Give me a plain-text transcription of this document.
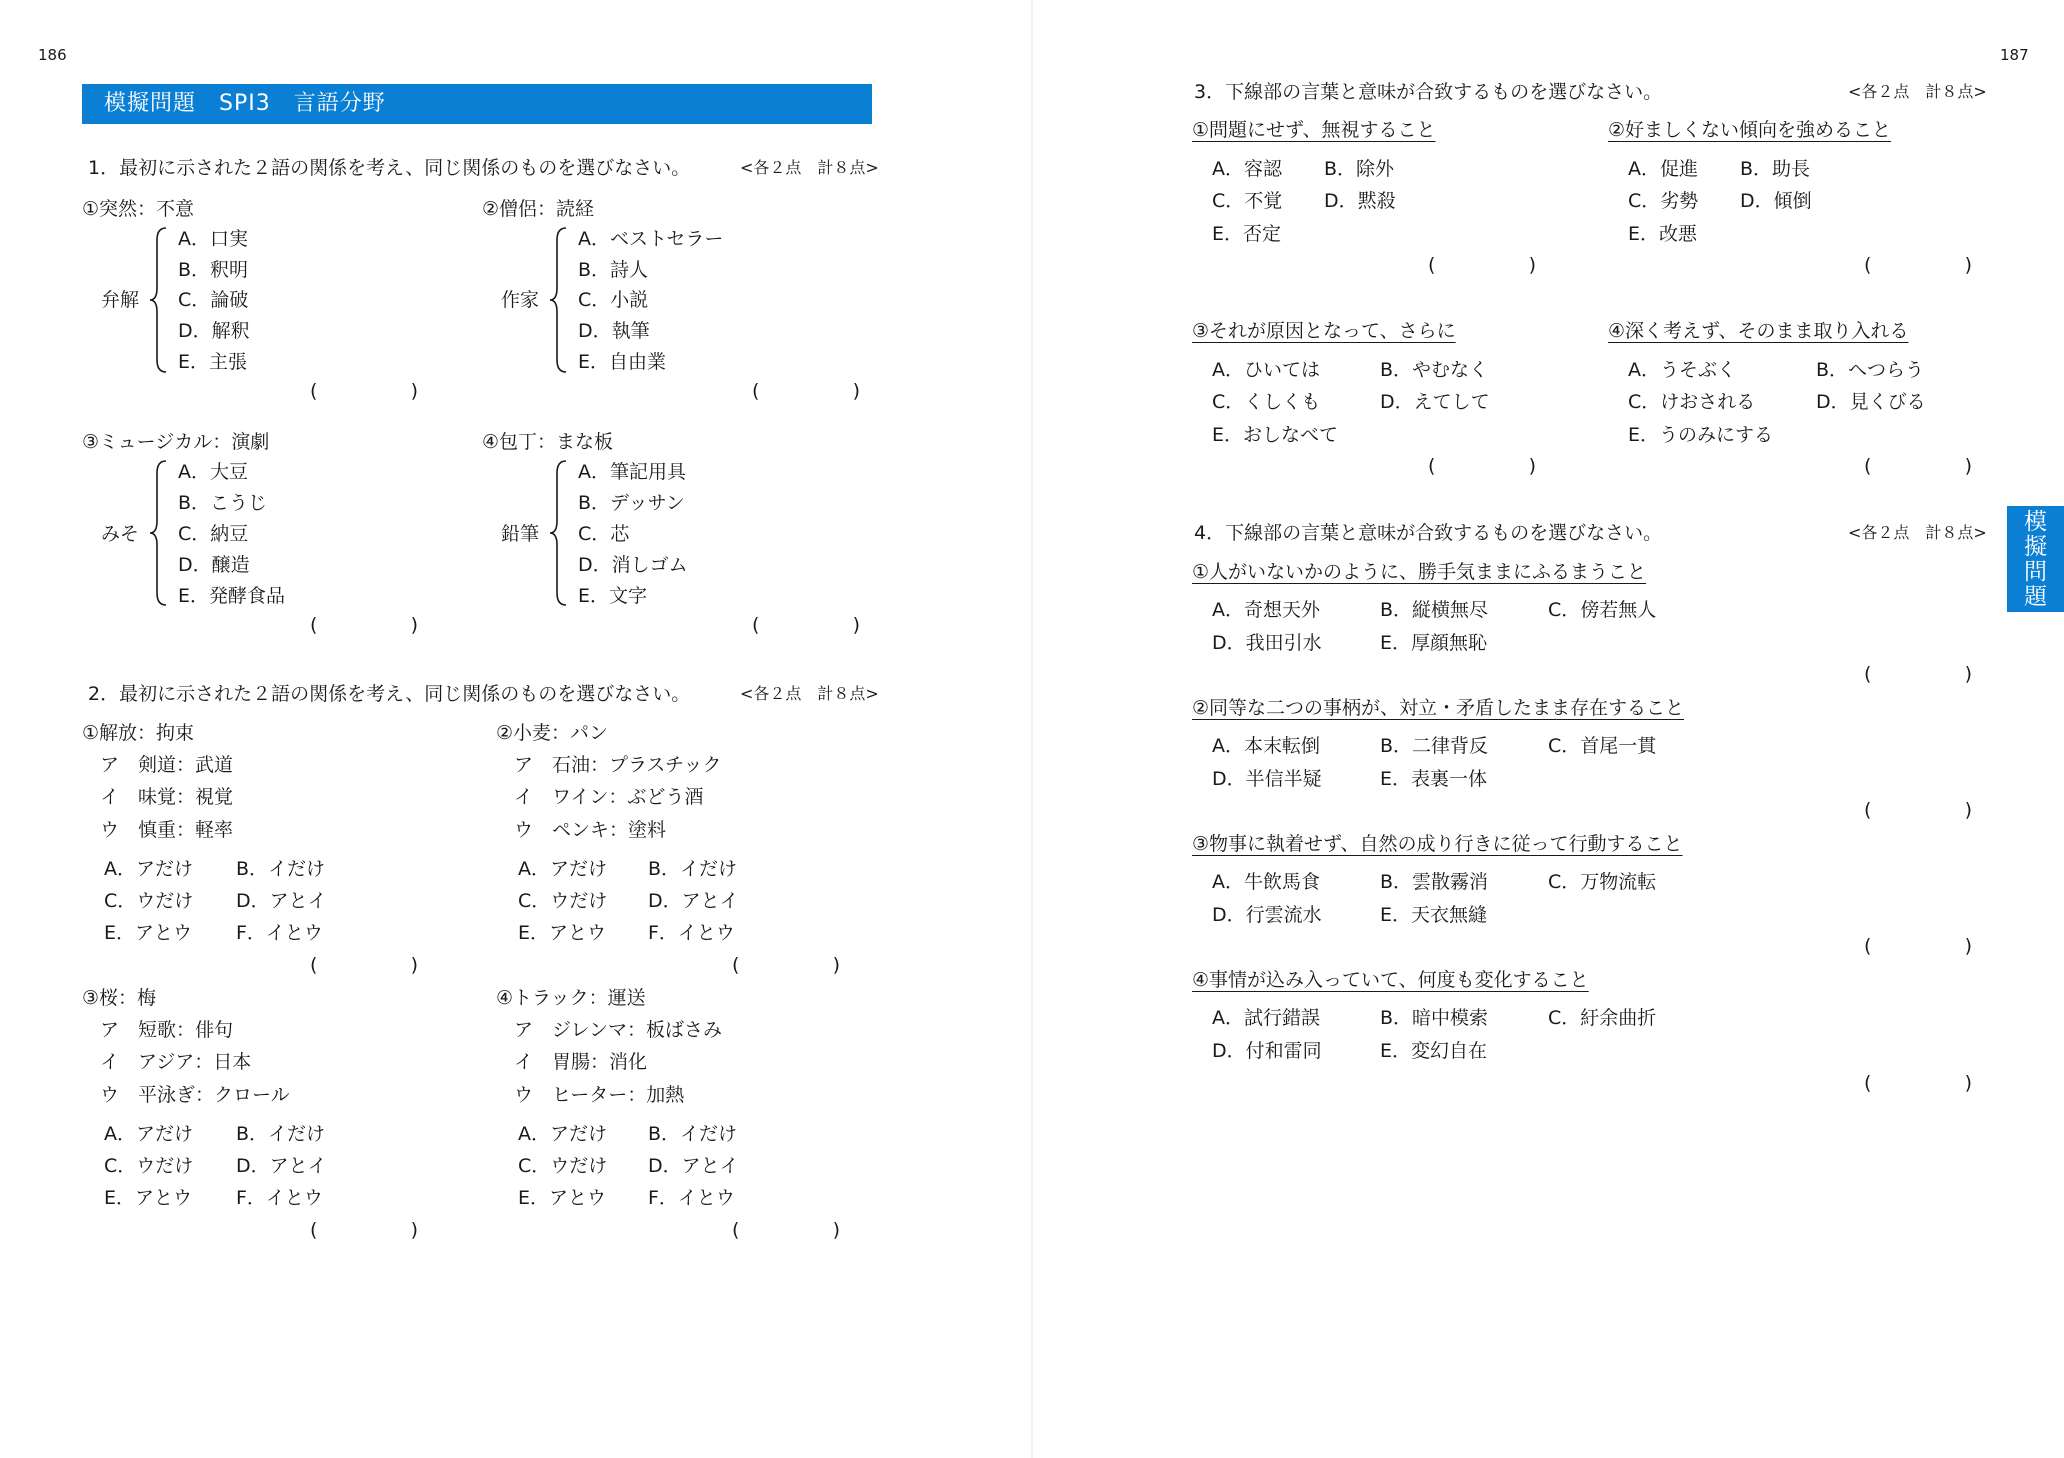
186
模擬問題　SPI3　言語分野
1．最初に示された２語の関係を考え、同じ関係のものを選びなさい。	<各２点　計８点>
①突然：不意
弁解
A．口実
B．釈明
C．論破
D．解釈
E．主張
(	)
②僧侶：読経
作家
A．ベストセラー
B．詩人
C．小説
D．執筆
E．自由業
(	)
③ミュージカル：演劇
みそ
A．大豆
B．こうじ
C．納豆
D．醸造
E．発酵食品
(	)
④包丁：まな板
鉛筆
A．筆記用具
B．デッサン
C．芯
D．消しゴム
E．文字
(	)
2．最初に示された２語の関係を考え、同じ関係のものを選びなさい。	<各２点　計８点>
①解放：拘束
ア　剣道：武道
イ　味覚：視覚
ウ　慎重：軽率
A．アだけ B．イだけ
C．ウだけ D．アとイ
E．アとウ F．イとウ
(	)
②小麦：パン
ア　石油：プラスチック
イ　ワイン：ぶどう酒
ウ　ペンキ：塗料
A．アだけ B．イだけ
C．ウだけ D．アとイ
E．アとウ F．イとウ
(	)
③桜：梅
ア　短歌：俳句
イ　アジア：日本
ウ　平泳ぎ：クロール
A．アだけ B．イだけ
C．ウだけ D．アとイ
E．アとウ F．イとウ
(	)
④トラック：運送
ア　ジレンマ：板ばさみ
イ　胃腸：消化
ウ　ヒーター：加熱
A．アだけ B．イだけ
C．ウだけ D．アとイ
E．アとウ F．イとウ
(	)
187
3．下線部の言葉と意味が合致するものを選びなさい。	<各２点　計８点>
①問題にせず、無視すること
A．容認 B．除外
C．不覚 D．黙殺
E．否定
(	)
②好ましくない傾向を強めること
A．促進 B．助長
C．劣勢 D．傾倒
E．改悪
(	)
③それが原因となって、さらに
A．ひいては	B．やむなく
C．くしくも	D．えてして
E．おしなべて
(	)
④深く考えず、そのまま取り入れる
A．うそぶく	B．へつらう
C．けおされる	D．見くびる
E．うのみにする
(	)
4．下線部の言葉と意味が合致するものを選びなさい。	<各２点　計８点>
①人がいないかのように、勝手気ままにふるまうこと
A．奇想天外	B．縦横無尽	C．傍若無人
D．我田引水	E．厚顔無恥
(	)
②同等な二つの事柄が、対立・矛盾したまま存在すること
A．本末転倒	B．二律背反	C．首尾一貫
D．半信半疑	E．表裏一体
(	)
③物事に執着せず、自然の成り行きに従って行動すること
A．牛飲馬食	B．雲散霧消	C．万物流転
D．行雲流水	E．天衣無縫
(	)
④事情が込み入っていて、何度も変化すること
A．試行錯誤	B．暗中模索	C．紆余曲折
D．付和雷同	E．変幻自在
(	)
模
擬
問
題
